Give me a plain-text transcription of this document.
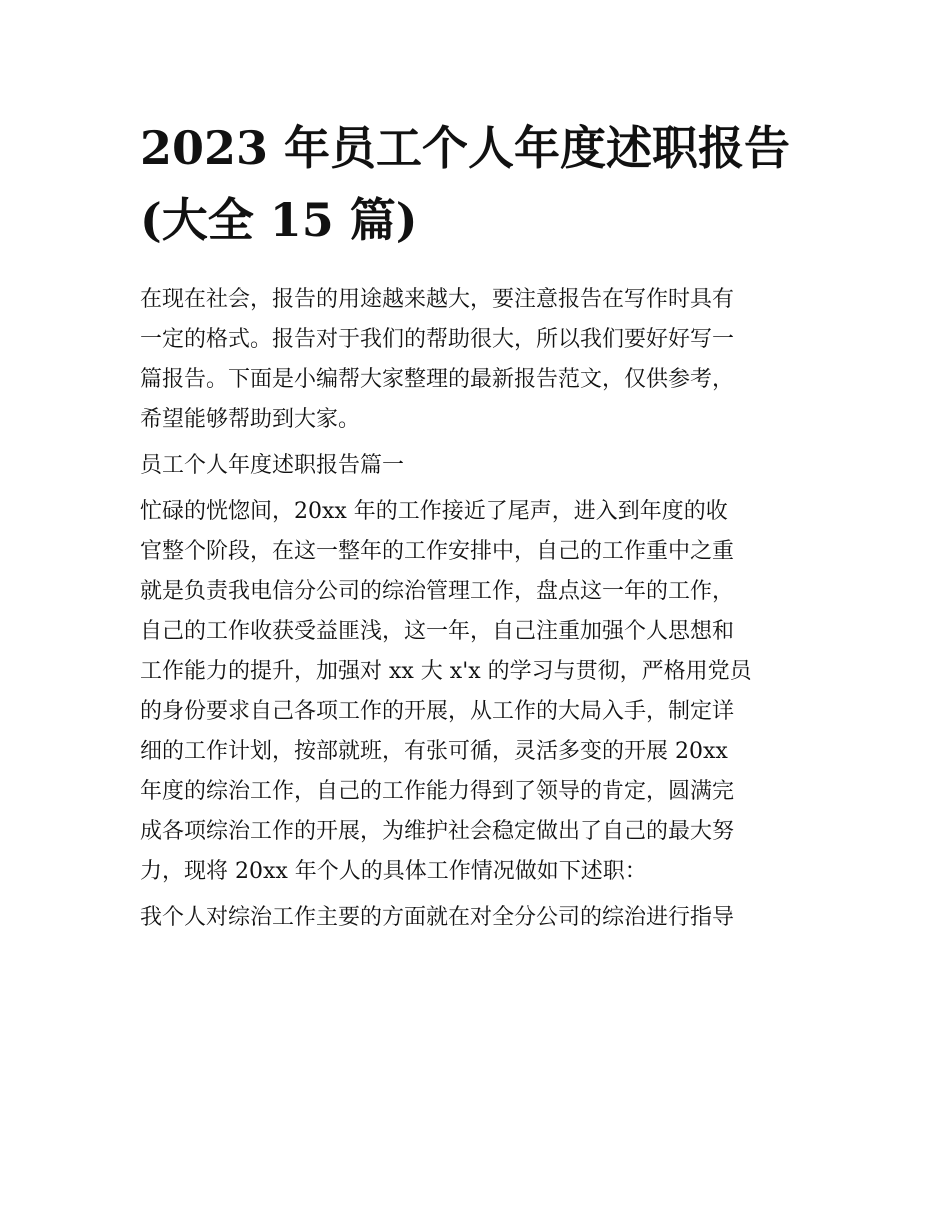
2023 年员工个人年度述职报告
(大全 15 篇)
在现在社会，报告的用途越来越大，要注意报告在写作时具有
一定的格式。报告对于我们的帮助很大，所以我们要好好写一
篇报告。下面是小编帮大家整理的最新报告范文，仅供参考，
希望能够帮助到大家。
员工个人年度述职报告篇一
忙碌的恍惚间，20xx 年的工作接近了尾声，进入到年度的收
官整个阶段，在这一整年的工作安排中，自己的工作重中之重
就是负责我电信分公司的综治管理工作，盘点这一年的工作，
自己的工作收获受益匪浅，这一年，自己注重加强个人思想和
工作能力的提升，加强对 xx 大 x'x 的学习与贯彻，严格用党员
的身份要求自己各项工作的开展，从工作的大局入手，制定详
细的工作计划，按部就班，有张可循，灵活多变的开展 20xx
年度的综治工作，自己的工作能力得到了领导的肯定，圆满完
成各项综治工作的开展，为维护社会稳定做出了自己的最大努
力，现将 20xx 年个人的具体工作情况做如下述职：
我个人对综治工作主要的方面就在对全分公司的综治进行指导
